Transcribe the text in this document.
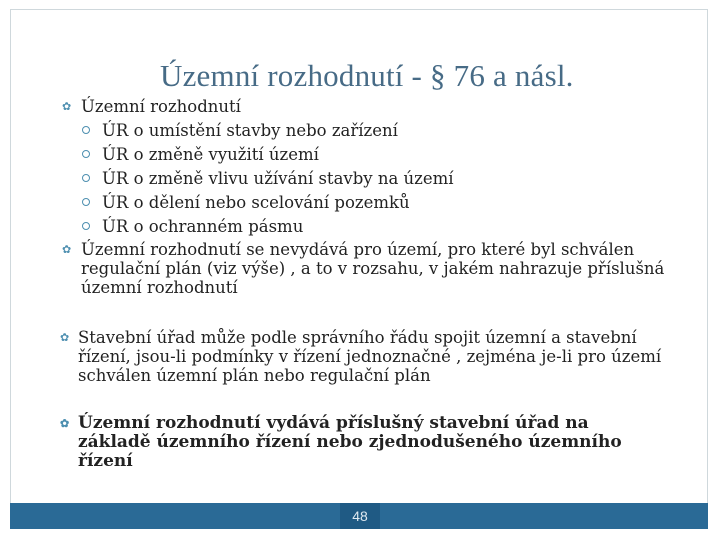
Územní rozhodnutí - § 76 a násl.
✿ Územní rozhodnutí
ÚR o umístění stavby nebo zařízení
ÚR o změně využití území
ÚR o změně vlivu užívání stavby na území
ÚR o dělení nebo scelování pozemků
ÚR o ochranném pásmu
✿ Územní rozhodnutí se nevydává pro území, pro které byl schválen
regulační plán (viz výše) , a to v rozsahu, v jakém nahrazuje příslušná
územní rozhodnutí
✿ Stavební úřad může podle správního řádu spojit územní a stavební
řízení, jsou-li podmínky v řízení jednoznačné , zejména je-li pro území
schválen územní plán nebo regulační plán
✿ Územní rozhodnutí vydává příslušný stavební úřad na
základě územního řízení nebo zjednodušeného územního
řízení
48
